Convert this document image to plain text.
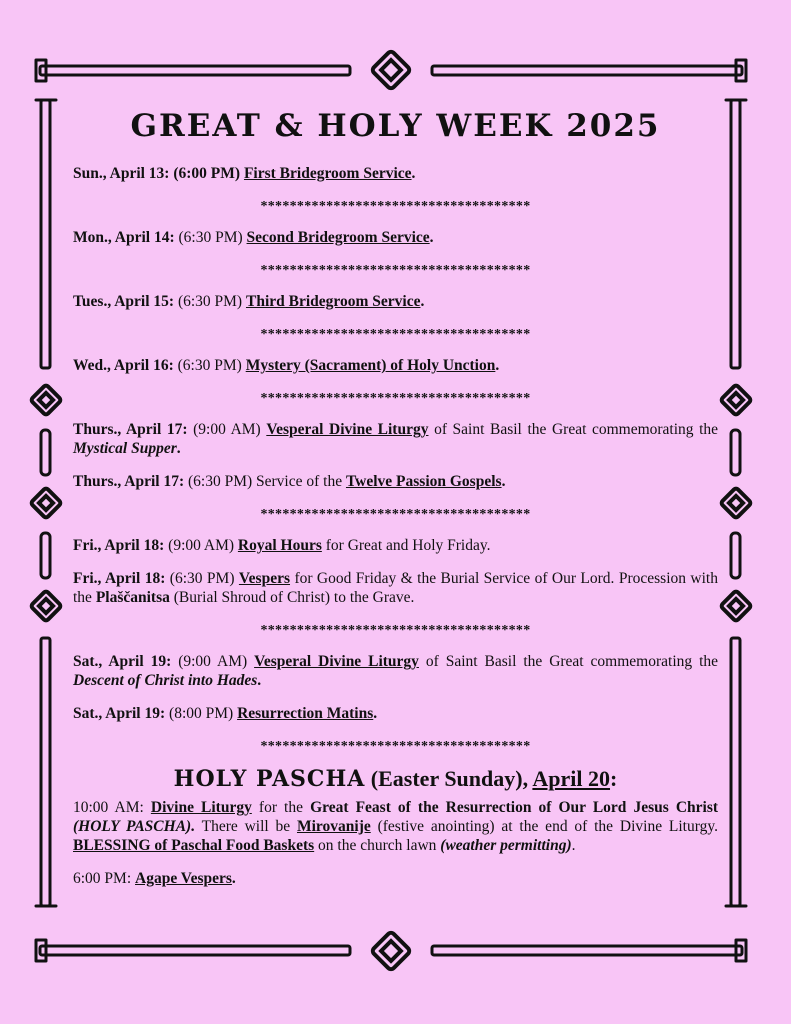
GREAT & HOLY WEEK 2025

Sun., April 13: (6:00 PM) First Bridegroom Service.

*************************************

Mon., April 14: (6:30 PM) Second Bridegroom Service.

*************************************

Tues., April 15: (6:30 PM) Third Bridegroom Service.

*************************************

Wed., April 16: (6:30 PM) Mystery (Sacrament) of Holy Unction.

*************************************

Thurs., April 17: (9:00 AM) Vesperal Divine Liturgy of Saint Basil the Great commemorating the Mystical Supper.

Thurs., April 17: (6:30 PM) Service of the Twelve Passion Gospels.

*************************************

Fri., April 18: (9:00 AM) Royal Hours for Great and Holy Friday.

Fri., April 18: (6:30 PM) Vespers for Good Friday & the Burial Service of Our Lord. Procession with the Plaščanitsa (Burial Shroud of Christ) to the Grave.

*************************************

Sat., April 19: (9:00 AM) Vesperal Divine Liturgy of Saint Basil the Great commemorating the Descent of Christ into Hades.

Sat., April 19: (8:00 PM) Resurrection Matins.

*************************************

HOLY PASCHA (Easter Sunday), April 20:

10:00 AM: Divine Liturgy for the Great Feast of the Resurrection of Our Lord Jesus Christ (HOLY PASCHA). There will be Mirovanije (festive anointing) at the end of the Divine Liturgy. BLESSING of Paschal Food Baskets on the church lawn (weather permitting).

6:00 PM: Agape Vespers.
